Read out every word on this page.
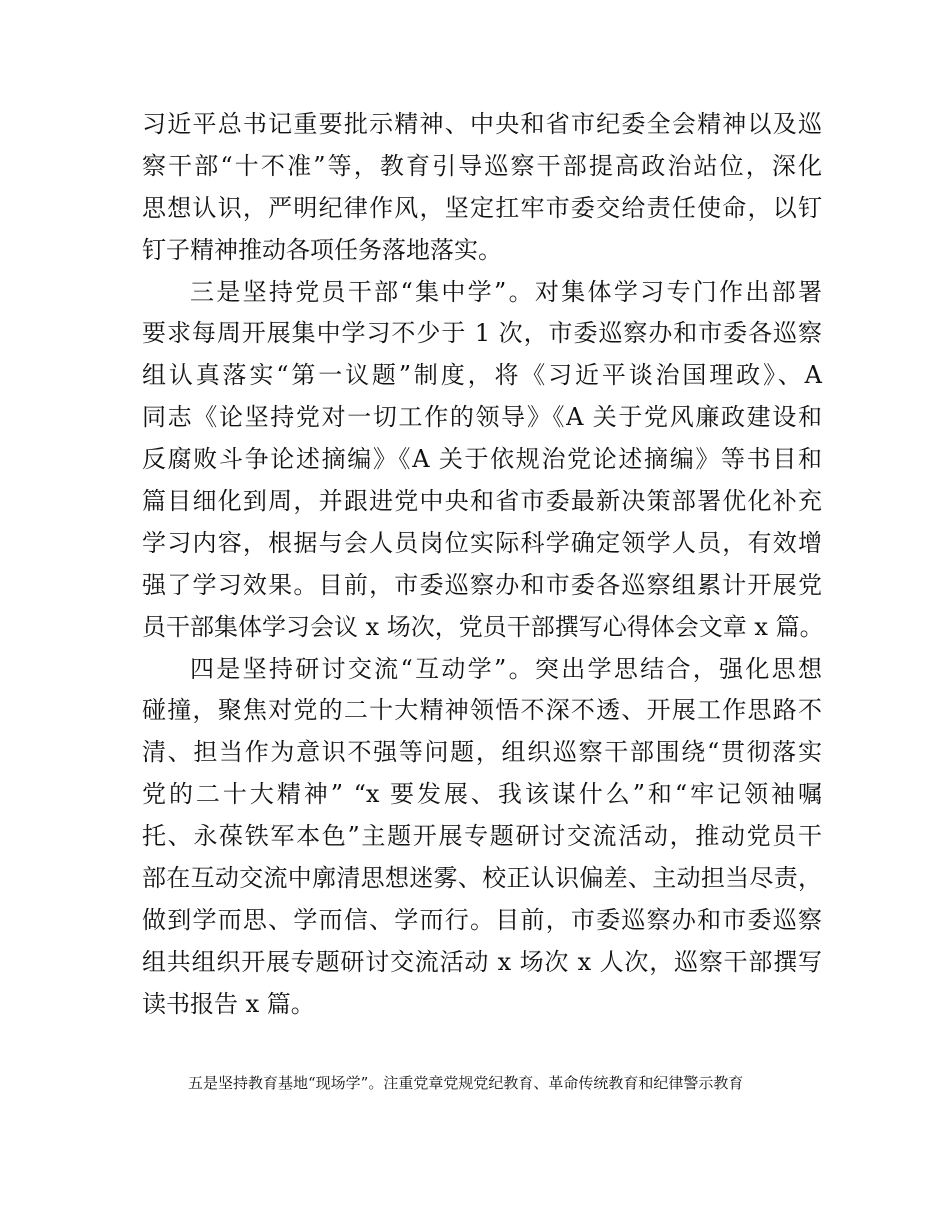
习近平总书记重要批示精神、中央和省市纪委全会精神以及巡
察干部“十不准”等，教育引导巡察干部提高政治站位，深化
思想认识，严明纪律作风，坚定扛牢市委交给责任使命，以钉
钉子精神推动各项任务落地落实。
三是坚持党员干部“集中学”。对集体学习专门作出部署
要求每周开展集中学习不少于 1 次，市委巡察办和市委各巡察
组认真落实“第一议题”制度，将《习近平谈治国理政》、A
同志《论坚持党对一切工作的领导》《A 关于党风廉政建设和
反腐败斗争论述摘编》《A 关于依规治党论述摘编》等书目和
篇目细化到周，并跟进党中央和省市委最新决策部署优化补充
学习内容，根据与会人员岗位实际科学确定领学人员，有效增
强了学习效果。目前，市委巡察办和市委各巡察组累计开展党
员干部集体学习会议 x 场次，党员干部撰写心得体会文章 x 篇。
四是坚持研讨交流“互动学”。突出学思结合，强化思想
碰撞，聚焦对党的二十大精神领悟不深不透、开展工作思路不
清、担当作为意识不强等问题，组织巡察干部围绕“贯彻落实
党的二十大精神” “x 要发展、我该谋什么”和“牢记领袖嘱
托、永葆铁军本色”主题开展专题研讨交流活动，推动党员干
部在互动交流中廓清思想迷雾、校正认识偏差、主动担当尽责，
做到学而思、学而信、学而行。目前，市委巡察办和市委巡察
组共组织开展专题研讨交流活动 x 场次 x 人次，巡察干部撰写
读书报告 x 篇。
五是坚持教育基地“现场学”。注重党章党规党纪教育、革命传统教育和纪律警示教育
